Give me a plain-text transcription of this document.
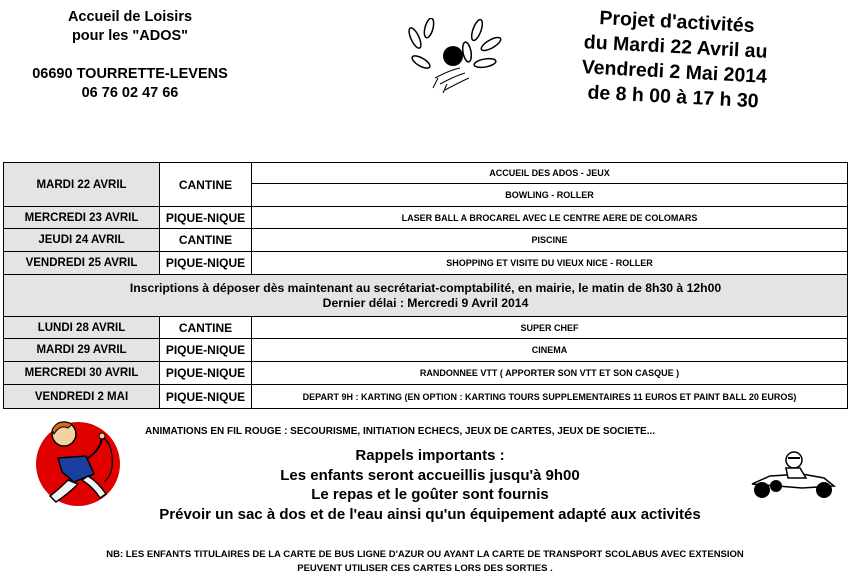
Accueil de Loisirs
pour les "ADOS"
06690 TOURRETTE-LEVENS
06 76 02 47 66
Projet d'activités
du Mardi 22 Avril au
Vendredi 2 Mai 2014
de 8 h 00 à 17 h 30
MARDI 22 AVRIL	CANTINE	ACCUEIL DES ADOS - JEUX
		BOWLING - ROLLER
MERCREDI 23 AVRIL	PIQUE-NIQUE	LASER BALL A BROCAREL AVEC LE CENTRE AERE DE COLOMARS
JEUDI 24 AVRIL	CANTINE	PISCINE
VENDREDI 25 AVRIL	PIQUE-NIQUE	SHOPPING ET VISITE DU VIEUX NICE - ROLLER

Inscriptions à déposer dès maintenant au secrétariat-comptabilité, en mairie, le matin de 8h30 à 12h00
Dernier délai : Mercredi 9 Avril 2014		

LUNDI 28 AVRIL	CANTINE	SUPER CHEF
MARDI 29 AVRIL	PIQUE-NIQUE	CINEMA
MERCREDI 30 AVRIL	PIQUE-NIQUE	RANDONNEE VTT ( APPORTER SON VTT ET SON CASQUE )
VENDREDI 2 MAI	PIQUE-NIQUE	DEPART 9H : KARTING (EN OPTION : KARTING TOURS SUPPLEMENTAIRES 11 EUROS ET PAINT BALL 20 EUROS)
ANIMATIONS EN FIL ROUGE : SECOURISME, INITIATION ECHECS, JEUX DE CARTES, JEUX DE SOCIETE...
Rappels importants :
Les enfants seront accueillis jusqu'à 9h00
Le repas et le goûter sont fournis
Prévoir un sac à dos et de l'eau ainsi qu'un équipement adapté aux activités
NB: LES ENFANTS TITULAIRES DE LA CARTE DE BUS LIGNE D'AZUR OU AYANT LA CARTE DE TRANSPORT SCOLABUS AVEC EXTENSION
PEUVENT UTILISER CES CARTES LORS DES SORTIES .
